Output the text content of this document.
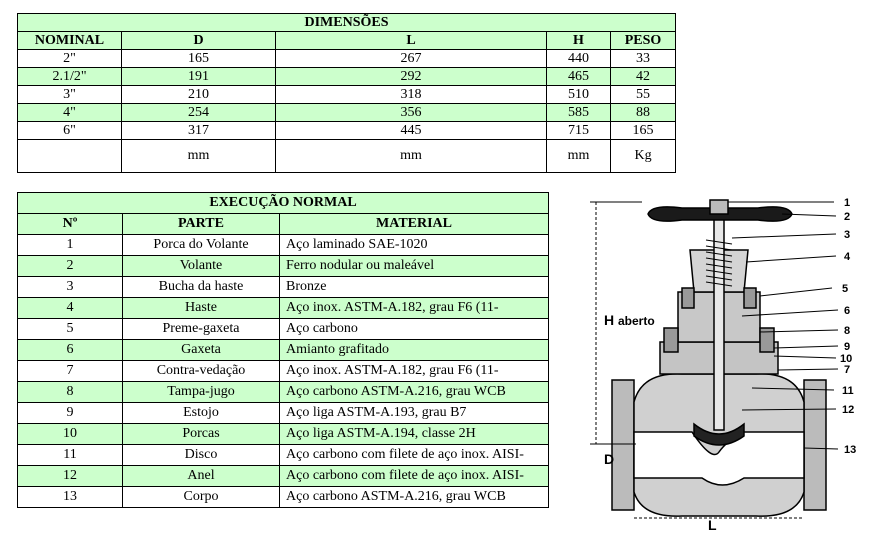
DIMENSÕES				
NOMINAL	D	L	H	PESO
2"	165	267	440	33
2.1/2"	191	292	465	42
3"	210	318	510	55
4"	254	356	585	88
6"	317	445	715	165
	mm	mm	mm	Kg
EXECUÇÃO NORMAL		
Nº	PARTE	MATERIAL
1	Porca do Volante	Aço laminado SAE-1020
2	Volante	Ferro nodular ou maleável
3	Bucha da haste	Bronze
4	Haste	Aço inox. ASTM-A.182, grau F6 (11-
5	Preme-gaxeta	Aço carbono
6	Gaxeta	Amianto grafitado
7	Contra-vedação	Aço inox. ASTM-A.182, grau F6 (11-
8	Tampa-jugo	Aço carbono ASTM-A.216, grau WCB
9	Estojo	Aço liga ASTM-A.193, grau B7
10	Porcas	Aço liga ASTM-A.194, classe 2H
11	Disco	Aço carbono com filete de aço inox. AISI-
12	Anel	Aço carbono com filete de aço inox. AISI-
13	Corpo	Aço carbono ASTM-A.216, grau WCB
H aberto
D
L
1
2
3
4
5
6
8
9
10
7
11
12
13
